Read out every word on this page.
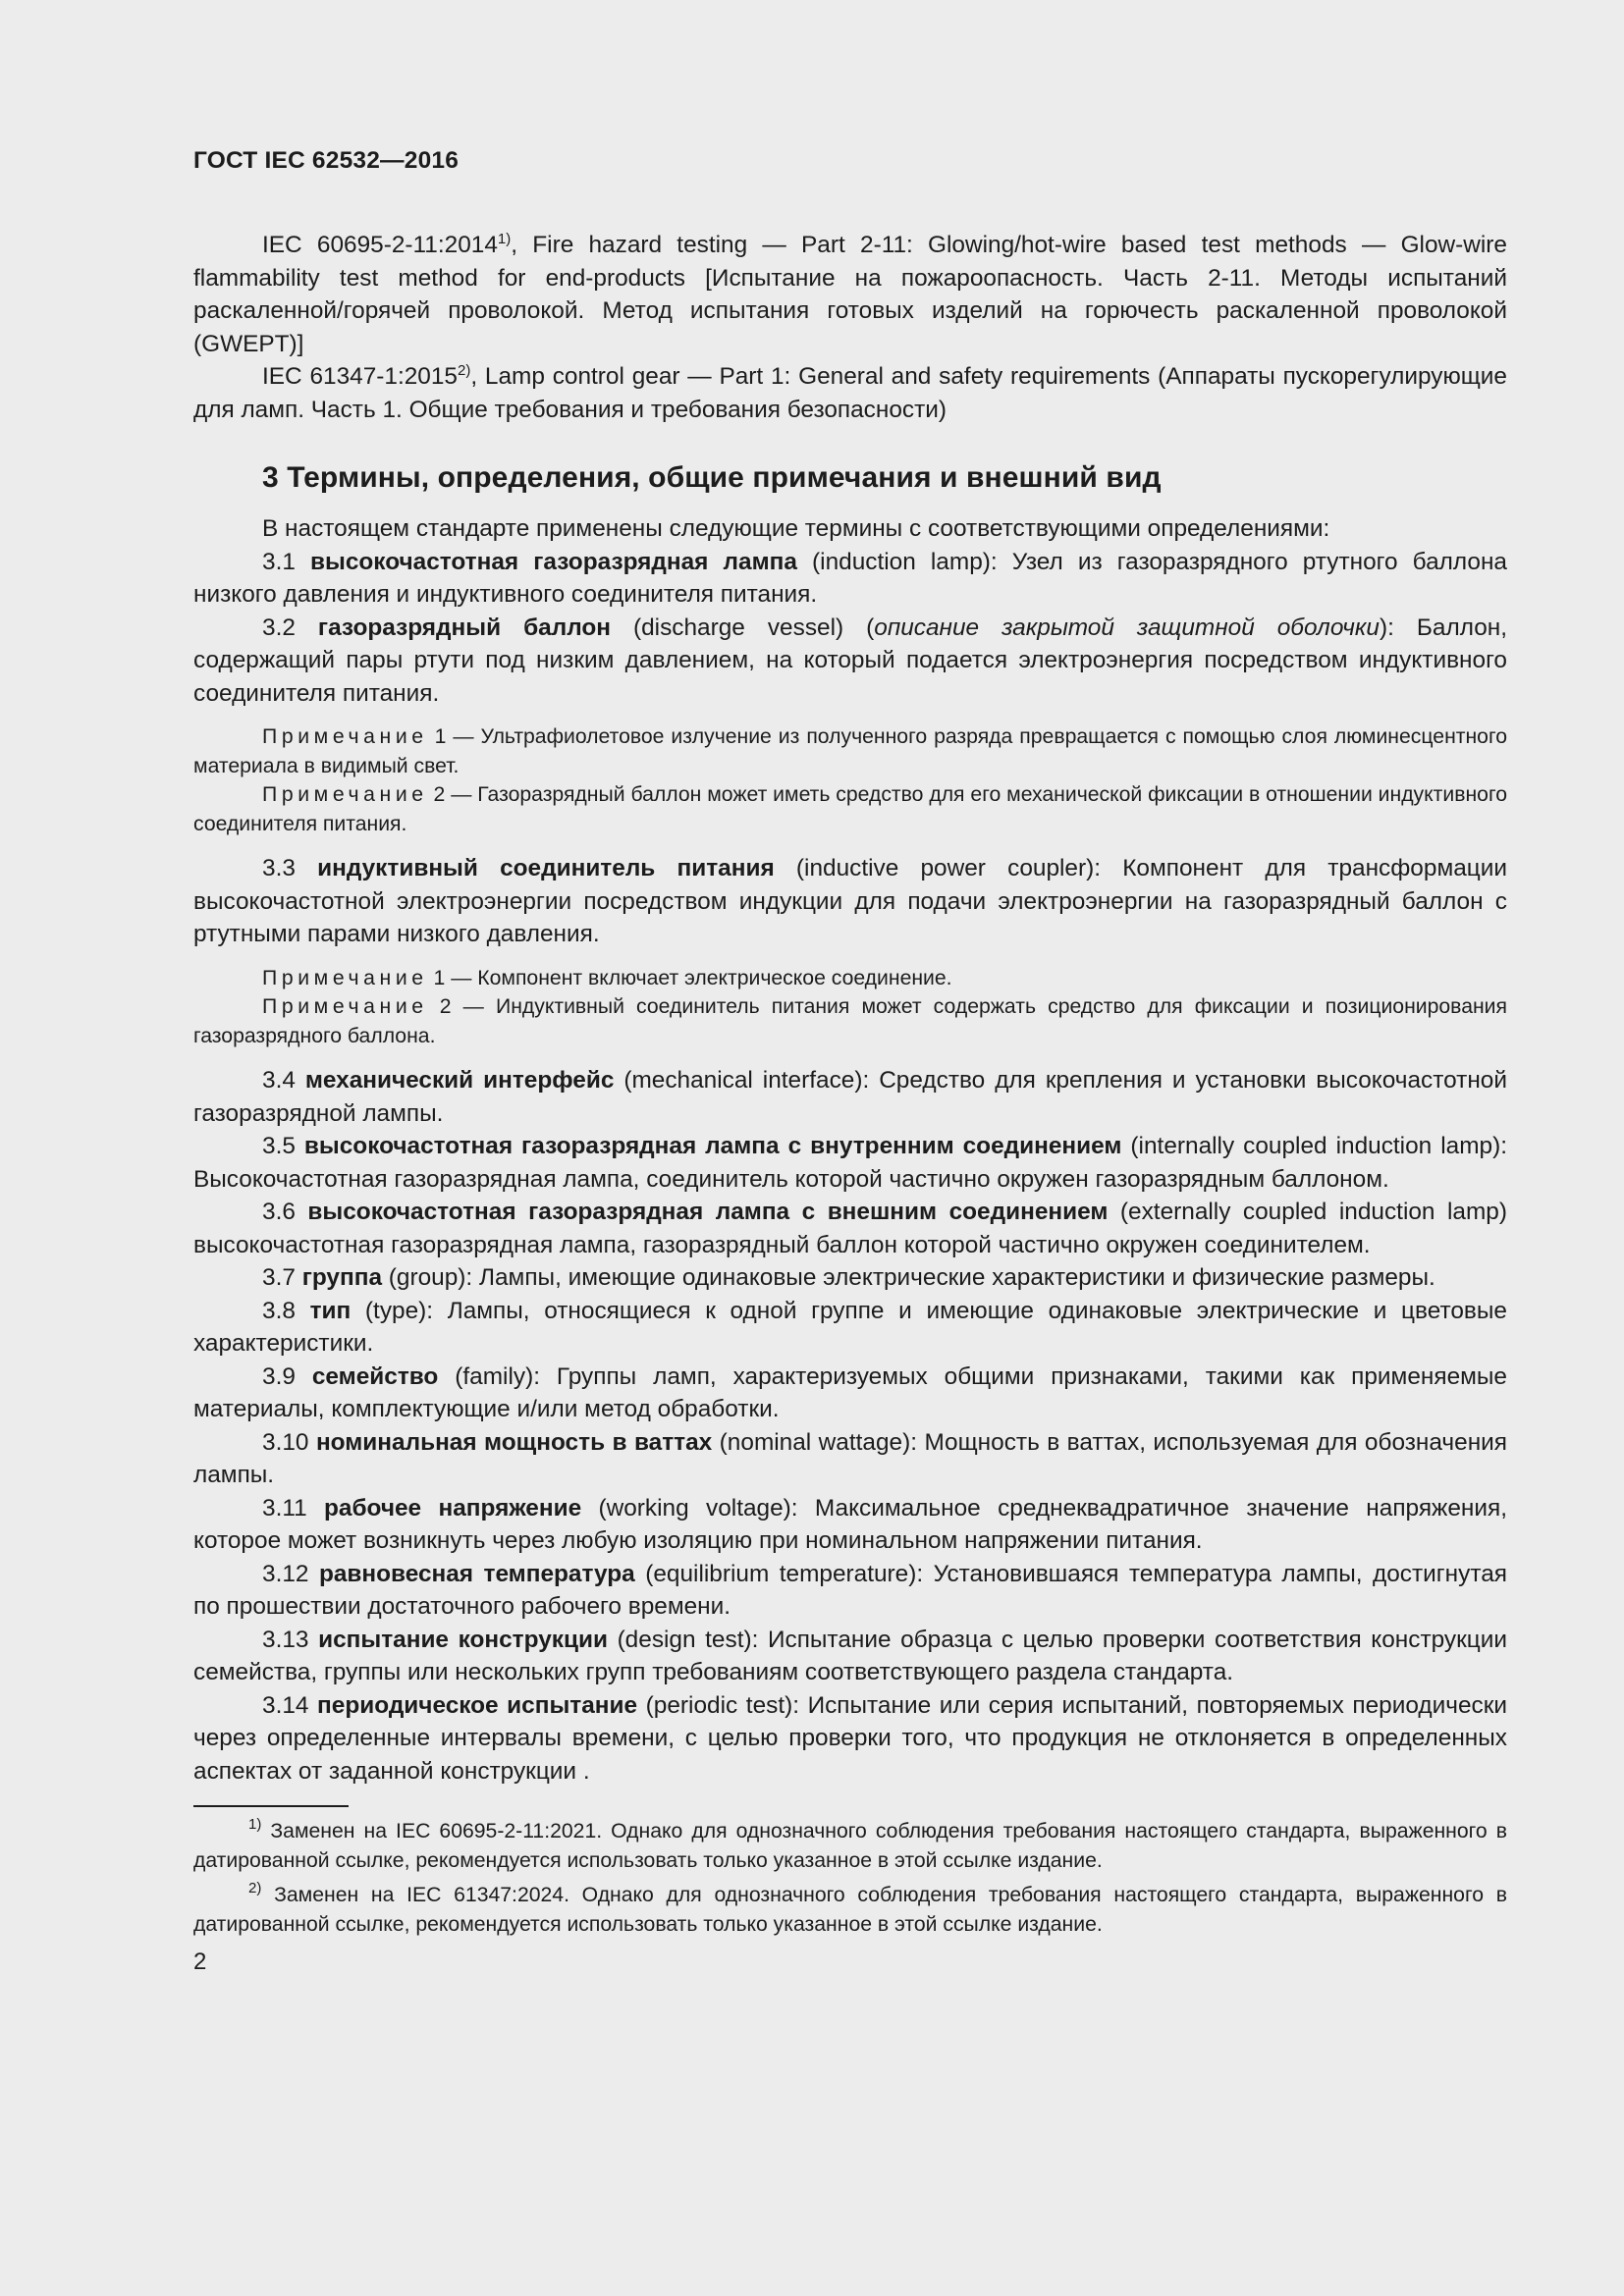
ГОСТ IEC 62532—2016

IEC 60695-2-11:2014$^{1)}$, Fire hazard testing — Part 2-11: Glowing/hot-wire based test methods — Glow-wire flammability test method for end-products [Испытание на пожароопасность. Часть 2-11. Методы испытаний раскаленной/горячей проволокой. Метод испытания готовых изделий на горючесть раскаленной проволокой (GWEPT)]

IEC 61347-1:2015$^{2)}$, Lamp control gear — Part 1: General and safety requirements (Аппараты пускорегулирующие для ламп. Часть 1. Общие требования и требования безопасности)

3 Термины, определения, общие примечания и внешний вид

В настоящем стандарте применены следующие термины с соответствующими определениями:

3.1 высокочастотная газоразрядная лампа (induction lamp): Узел из газоразрядного ртутного баллона низкого давления и индуктивного соединителя питания.

3.2 газоразрядный баллон (discharge vessel) (описание закрытой защитной оболочки): Баллон, содержащий пары ртути под низким давлением, на который подается электроэнергия посредством индуктивного соединителя питания.

Примечание 1 — Ультрафиолетовое излучение из полученного разряда превращается с помощью слоя люминесцентного материала в видимый свет.

Примечание 2 — Газоразрядный баллон может иметь средство для его механической фиксации в отношении индуктивного соединителя питания.

3.3 индуктивный соединитель питания (inductive power coupler): Компонент для трансформации высокочастотной электроэнергии посредством индукции для подачи электроэнергии на газоразрядный баллон с ртутными парами низкого давления.

Примечание 1 — Компонент включает электрическое соединение.

Примечание 2 — Индуктивный соединитель питания может содержать средство для фиксации и позиционирования газоразрядного баллона.

3.4 механический интерфейс (mechanical interface): Средство для крепления и установки высокочастотной газоразрядной лампы.

3.5 высокочастотная газоразрядная лампа с внутренним соединением (internally coupled induction lamp): Высокочастотная газоразрядная лампа, соединитель которой частично окружен газоразрядным баллоном.

3.6 высокочастотная газоразрядная лампа с внешним соединением (externally coupled induction lamp) высокочастотная газоразрядная лампа, газоразрядный баллон которой частично окружен соединителем.

3.7 группа (group): Лампы, имеющие одинаковые электрические характеристики и физические размеры.

3.8 тип (type): Лампы, относящиеся к одной группе и имеющие одинаковые электрические и цветовые характеристики.

3.9 семейство (family): Группы ламп, характеризуемых общими признаками, такими как применяемые материалы, комплектующие и/или метод обработки.

3.10 номинальная мощность в ваттах (nominal wattage): Мощность в ваттах, используемая для обозначения лампы.

3.11 рабочее напряжение (working voltage): Максимальное среднеквадратичное значение напряжения, которое может возникнуть через любую изоляцию при номинальном напряжении питания.

3.12 равновесная температура (equilibrium temperature): Установившаяся температура лампы, достигнутая по прошествии достаточного рабочего времени.

3.13 испытание конструкции (design test): Испытание образца с целью проверки соответствия конструкции семейства, группы или нескольких групп требованиям соответствующего раздела стандарта.

3.14 периодическое испытание (periodic test): Испытание или серия испытаний, повторяемых периодически через определенные интервалы времени, с целью проверки того, что продукция не отклоняется в определенных аспектах от заданной конструкции .

$^{1)}$ Заменен на IEC 60695-2-11:2021. Однако для однозначного соблюдения требования настоящего стандарта, выраженного в датированной ссылке, рекомендуется использовать только указанное в этой ссылке издание.

$^{2)}$ Заменен на IEC 61347:2024. Однако для однозначного соблюдения требования настоящего стандарта, выраженного в датированной ссылке, рекомендуется использовать только указанное в этой ссылке издание.

2
